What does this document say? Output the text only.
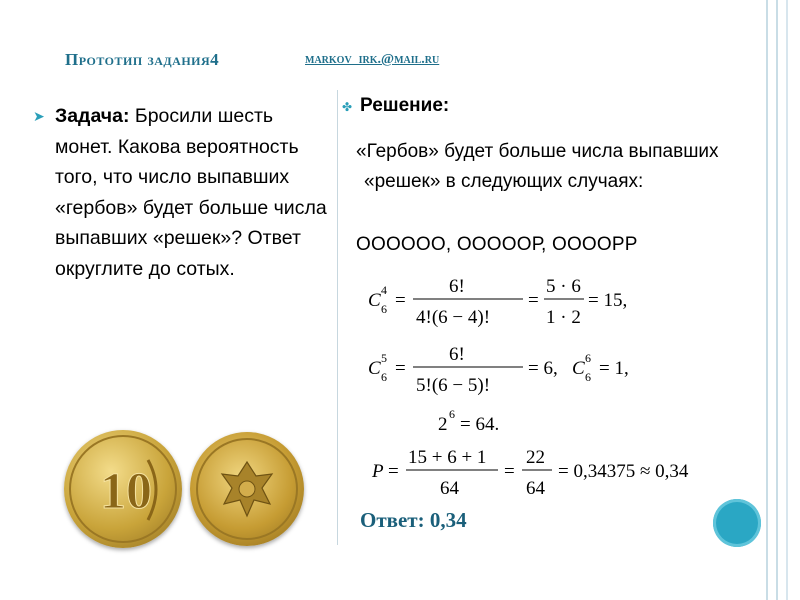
Прототип задания4	markov_irk.@mail.ru
➤ Задача: Бросили шесть монет. Какова вероятность того, что число выпавших «гербов» будет больше числа выпавших «решек»? Ответ округлите до сотых.
10
✤ Решение:
«Гербов» будет больше числа выпавших «решек» в следующих случаях:
ОООООО, ОООООР, ООООРР
C 4
6 =
6!
4!(6 − 4)!
=
5 · 6
1 · 2
= 15,
C 5
6 =
6!
5!(6 − 5)!
= 6, C 6
6 = 1,
2 6 = 64.
P =
15 + 6 + 1
64
=
22
64
= 0,34375 ≈ 0,34
Ответ: 0,34
